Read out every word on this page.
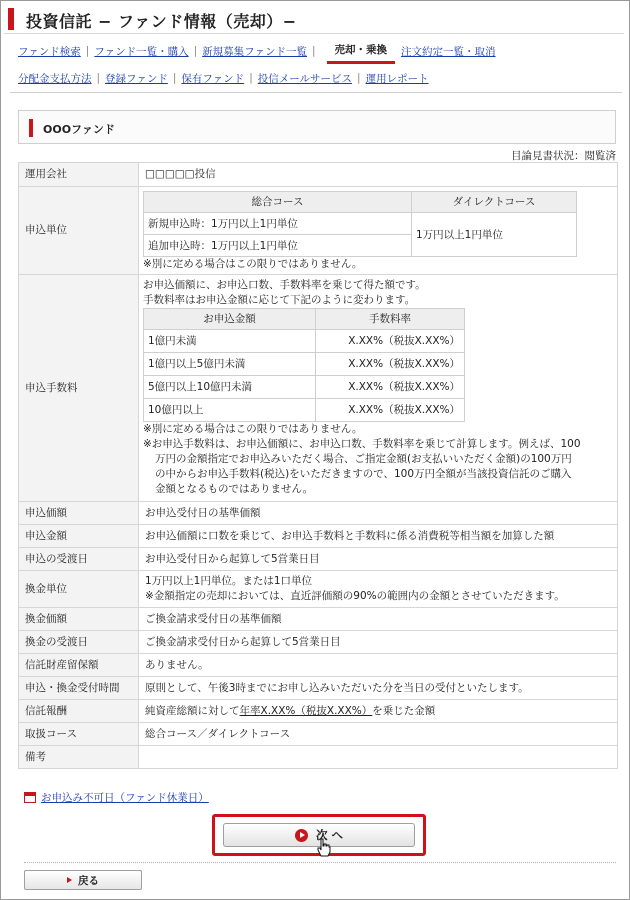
投資信託 − ファンド情報（売却）−
ファンド検索 | ファンド一覧・購入 | 新規募集ファンド一覧 |	売却・乗換	注文約定一覧・取消
分配金支払方法 | 登録ファンド | 保有ファンド | 投信メールサービス | 運用レポート
OOOファンド
目論見書状況：閲覧済
運用会社	□□□□□投信
申込単位	
総合コース	ダイレクトコース
新規申込時：1万円以上1円単位	1万円以上1円単位
追加申込時：1万円以上1円単位
※別に定める場合はこの限りではありません。

申込手数料	
お申込価額に、お申込口数、手数料率を乗じて得た額です。
手数料率はお申込金額に応じて下記のように変わります。
お申込金額	手数料率
1億円未満	X.XX%（税抜X.XX%）
1億円以上5億円未満	X.XX%（税抜X.XX%）
5億円以上10億円未満	X.XX%（税抜X.XX%）
10億円以上	X.XX%（税抜X.XX%）
※別に定める場合はこの限りではありません。
※お申込手数料は、お申込価額に、お申込口数、手数料率を乗じて計算します。例えば、100
万円の金額指定でお申込みいただく場合、ご指定金額(お支払いいただく金額)の100万円
の中からお申込手数料(税込)をいただきますので、100万円全額が当該投資信託のご購入
金額となるものではありません。

申込価額	お申込受付日の基準価額
申込金額	お申込価額に口数を乗じて、お申込手数料と手数料に係る消費税等相当額を加算した額
申込の受渡日	お申込受付日から起算して5営業日目
換金単位	
1万円以上1円単位。または1口単位
※金額指定の売却においては、直近評価額の90%の範囲内の金額とさせていただきます。

換金価額	ご換金請求受付日の基準価額
換金の受渡日	ご換金請求受付日から起算して5営業日目
信託財産留保額	ありません。
申込・換金受付時間	原則として、午後3時までにお申し込みいただいた分を当日の受付といたします。
信託報酬	純資産総額に対して年率X.XX%（税抜X.XX%）を乗じた金額
取扱コース	総合コース／ダイレクトコース
備考	
お申込み不可日（ファンド休業日）
次 へ
戻る
